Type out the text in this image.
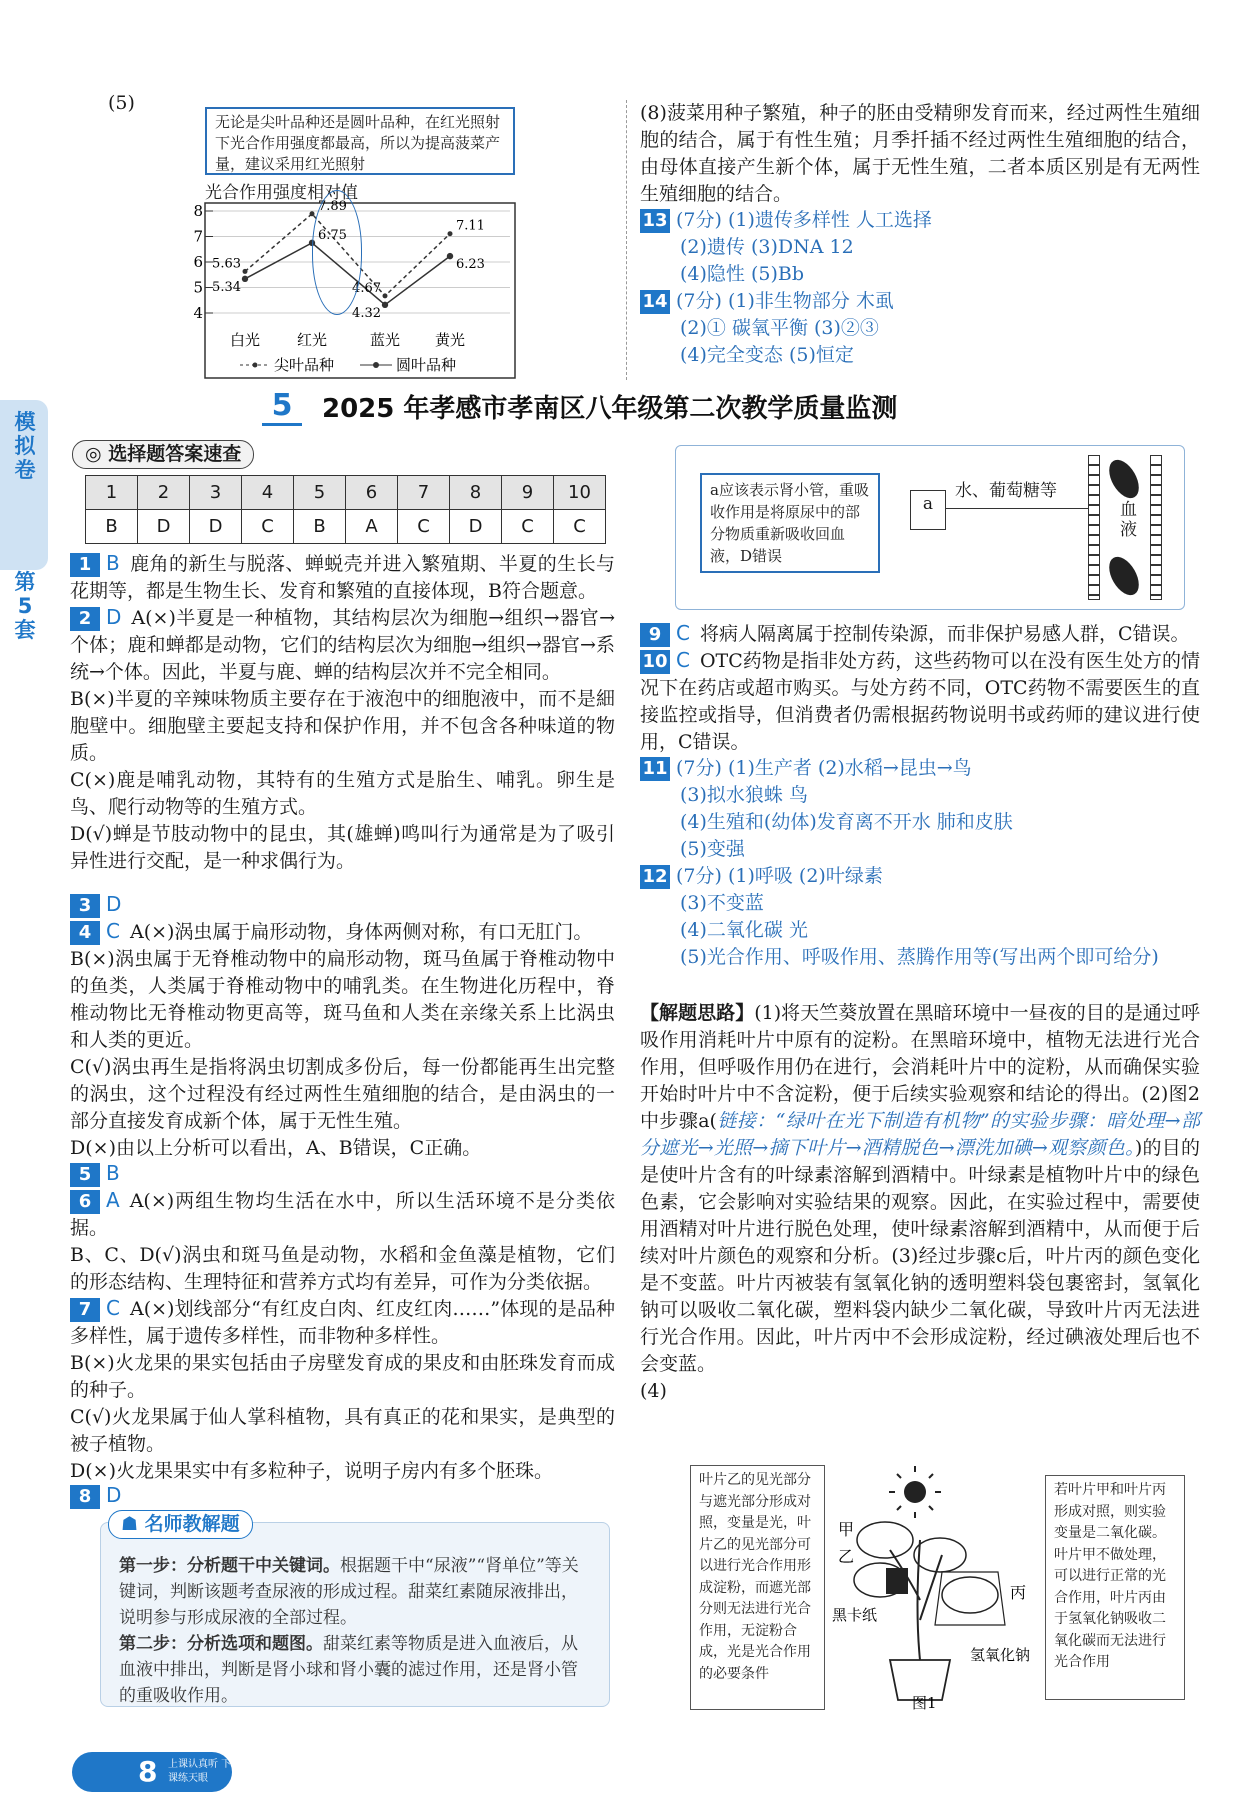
模拟卷
第5套
(5)
无论是尖叶品种还是圆叶品种，在红光照射下光合作用强度都最高，所以为提高菠菜产量，建议采用红光照射
光合作用强度相对值
4
5
6
7
8
白光 红光	蓝光 黄光
5.63
7.89
4.67
7.11
5.34
6.75
4.32
6.23
尖叶品种	圆叶品种
(8)菠菜用种子繁殖，种子的胚由受精卵发育而来，经过两性生殖细胞的结合，属于有性生殖；月季扦插不经过两性生殖细胞的结合，由母体直接产生新个体，属于无性生殖，二者本质区别是有无两性生殖细胞的结合。
13 (7分) (1)遗传多样性 人工选择
(2)遗传 (3)DNA 12
(4)隐性 (5)Bb
14 (7分) (1)非生物部分 木虱
(2)① 碳氧平衡 (3)②③
(4)完全变态 (5)恒定
5	2025 年孝感市孝南区八年级第二次教学质量监测
◎ 选择题答案速查
1	2	3	4	5	6	7	8	9	10
B	D	D	C	B	A	C	D	C	C
1 B 鹿角的新生与脱落、蝉蜕壳并进入繁殖期、半夏的生长与花期等，都是生物生长、发育和繁殖的直接体现，B符合题意。
2 D A(×)半夏是一种植物，其结构层次为细胞→组织→器官→个体；鹿和蝉都是动物，它们的结构层次为细胞→组织→器官→系统→个体。因此，半夏与鹿、蝉的结构层次并不完全相同。
B(×)半夏的辛辣味物质主要存在于液泡中的细胞液中，而不是細胞壁中。细胞壁主要起支持和保护作用，并不包含各种味道的物质。
C(×)鹿是哺乳动物，其特有的生殖方式是胎生、哺乳。卵生是鸟、爬行动物等的生殖方式。
D(√)蝉是节肢动物中的昆虫，其(雄蝉)鸣叫行为通常是为了吸引异性进行交配，是一种求偶行为。
3 D
4 C A(×)涡虫属于扁形动物，身体两侧对称，有口无肛门。
B(×)涡虫属于无脊椎动物中的扁形动物，斑马鱼属于脊椎动物中的鱼类，人类属于脊椎动物中的哺乳类。在生物进化历程中，脊椎动物比无脊椎动物更高等，斑马鱼和人类在亲缘关系上比涡虫和人类的更近。
C(√)涡虫再生是指将涡虫切割成多份后，每一份都能再生出完整的涡虫，这个过程没有经过两性生殖细胞的结合，是由涡虫的一部分直接发育成新个体，属于无性生殖。
D(×)由以上分析可以看出，A、B错误，C正确。
5 B
6 A A(×)两组生物均生活在水中，所以生活环境不是分类依据。
B、C、D(√)涡虫和斑马鱼是动物，水稻和金鱼藻是植物，它们的形态结构、生理特征和营养方式均有差异，可作为分类依据。
7 C A(×)划线部分“有红皮白肉、红皮红肉……”体现的是品种多样性，属于遗传多样性，而非物种多样性。
B(×)火龙果的果实包括由子房壁发育成的果皮和由胚珠发育而成的种子。
C(√)火龙果属于仙人掌科植物，具有真正的花和果实，是典型的被子植物。
D(×)火龙果果实中有多粒种子，说明子房内有多个胚珠。
8 D
第一步：分析题干中关键词。根据题干中“尿液”“肾单位”等关键词，判断该题考查尿液的形成过程。甜菜红素随尿液排出，说明参与形成尿液的全部过程。
第二步：分析选项和题图。甜菜红素等物质是进入血液后，从血液中排出，判断是肾小球和肾小囊的滤过作用，还是肾小管的重吸收作用。
☗ 名师教解题
a应该表示肾小管，重吸收作用是将原尿中的部分物质重新吸收回血液，D错误
a
水、葡萄糖等
血液
9 C 将病人隔离属于控制传染源，而非保护易感人群，C错误。
10 C OTC药物是指非处方药，这些药物可以在没有医生处方的情况下在药店或超市购买。与处方药不同，OTC药物不需要医生的直接监控或指导，但消费者仍需根据药物说明书或药师的建议进行使用，C错误。
11 (7分) (1)生产者 (2)水稻→昆虫→鸟
(3)拟水狼蛛 鸟
(4)生殖和(幼体)发育离不开水 肺和皮肤
(5)变强
12 (7分) (1)呼吸 (2)叶绿素
(3)不变蓝
(4)二氧化碳 光
(5)光合作用、呼吸作用、蒸腾作用等(写出两个即可给分)
【解题思路】(1)将天竺葵放置在黑暗环境中一昼夜的目的是通过呼吸作用消耗叶片中原有的淀粉。在黑暗环境中，植物无法进行光合作用，但呼吸作用仍在进行，会消耗叶片中的淀粉，从而确保实验开始时叶片中不含淀粉，便于后续实验观察和结论的得出。(2)图2中步骤a(链接：“绿叶在光下制造有机物”的实验步骤：暗处理→部分遮光→光照→摘下叶片→酒精脱色→漂洗加碘→观察颜色。)的目的是使叶片含有的叶绿素溶解到酒精中。叶绿素是植物叶片中的绿色色素，它会影响对实验结果的观察。因此，在实验过程中，需要使用酒精对叶片进行脱色处理，使叶绿素溶解到酒精中，从而便于后续对叶片颜色的观察和分析。(3)经过步骤c后，叶片丙的颜色变化是不变蓝。叶片丙被装有氢氧化钠的透明塑料袋包裹密封，氢氧化钠可以吸收二氧化碳，塑料袋内缺少二氧化碳，导致叶片丙无法进行光合作用。因此，叶片丙中不会形成淀粉，经过碘液处理后也不会变蓝。
(4)
叶片乙的见光部分与遮光部分形成对照，变量是光，叶片乙的见光部分可以进行光合作用形成淀粉，而遮光部分则无法进行光合作用，无淀粉合成，光是光合作用的必要条件
若叶片甲和叶片丙形成对照，则实验变量是二氧化碳。叶片甲不做处理，可以进行正常的光合作用，叶片丙由于氢氧化钠吸收二氧化碳而无法进行光合作用
甲
乙
丙
黑卡纸
氢氧化钠
图1
8 上课认真听 下课练天眼
